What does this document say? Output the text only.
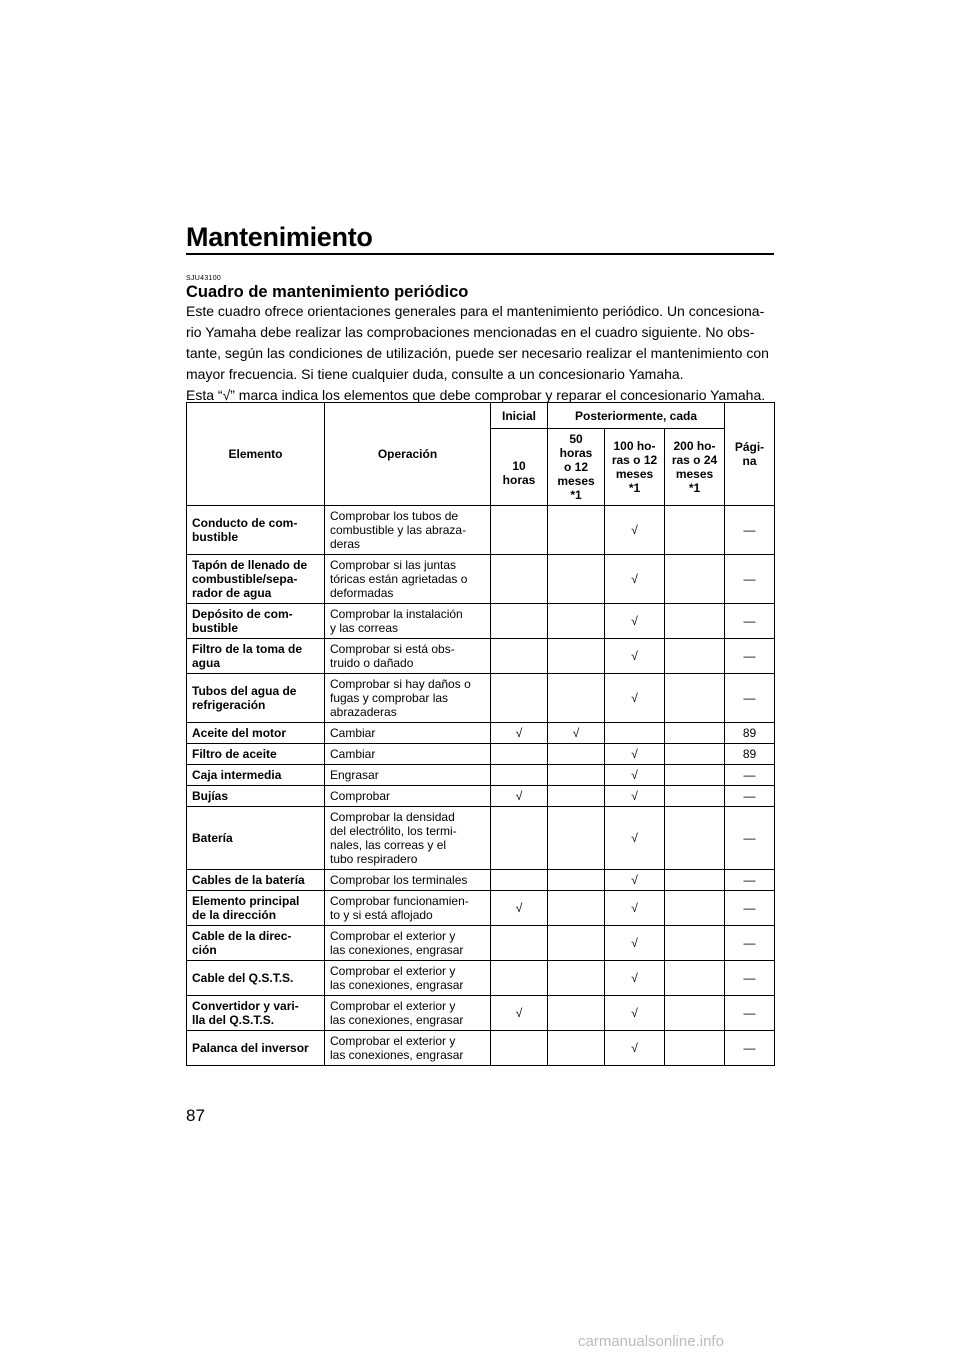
Mantenimiento
SJU43100
Cuadro de mantenimiento periódico

Este cuadro ofrece orientaciones generales para el mantenimiento periódico. Un concesiona-
rio Yamaha debe realizar las comprobaciones mencionadas en el cuadro siguiente. No obs-
tante, según las condiciones de utilización, puede ser necesario realizar el mantenimiento con
mayor frecuencia. Si tiene cualquier duda, consulte a un concesionario Yamaha.
Esta “√” marca indica los elementos que debe comprobar y reparar el concesionario Yamaha.

Elemento	Operación	Inicial	Posteriormente, cada			Pági-
na
		10 horas	50 horas
o 12
meses
*1	100 ho-
ras o 12
meses
*1	200 ho-
ras o 24
meses
*1	
Conducto de com-
bustible	Comprobar los tubos de
combustible y las abraza-
deras			√		—
Tapón de llenado de
combustible/sepa-
rador de agua	Comprobar si las juntas
tóricas están agrietadas o
deformadas			√		—
Depósito de com-
bustible	Comprobar la instalación
y las correas			√		—
Filtro de la toma de
agua	Comprobar si está obs-
truido o dañado			√		—
Tubos del agua de
refrigeración	Comprobar si hay daños o
fugas y comprobar las
abrazaderas			√		—
Aceite del motor	Cambiar	√	√			89
Filtro de aceite	Cambiar			√		89
Caja intermedia	Engrasar			√		—
Bujías	Comprobar	√		√		—
Batería	Comprobar la densidad
del electrólito, los termi-
nales, las correas y el
tubo respiradero			√		—
Cables de la batería	Comprobar los terminales			√		—
Elemento principal
de la dirección	Comprobar funcionamien-
to y si está aflojado	√		√		—
Cable de la direc-
ción	Comprobar el exterior y
las conexiones, engrasar			√		—
Cable del Q.S.T.S.	Comprobar el exterior y
las conexiones, engrasar			√		—
Convertidor y vari-
lla del Q.S.T.S.	Comprobar el exterior y
las conexiones, engrasar	√		√		—
Palanca del inversor	Comprobar el exterior y
las conexiones, engrasar			√		—
87
carmanualsonline.info
